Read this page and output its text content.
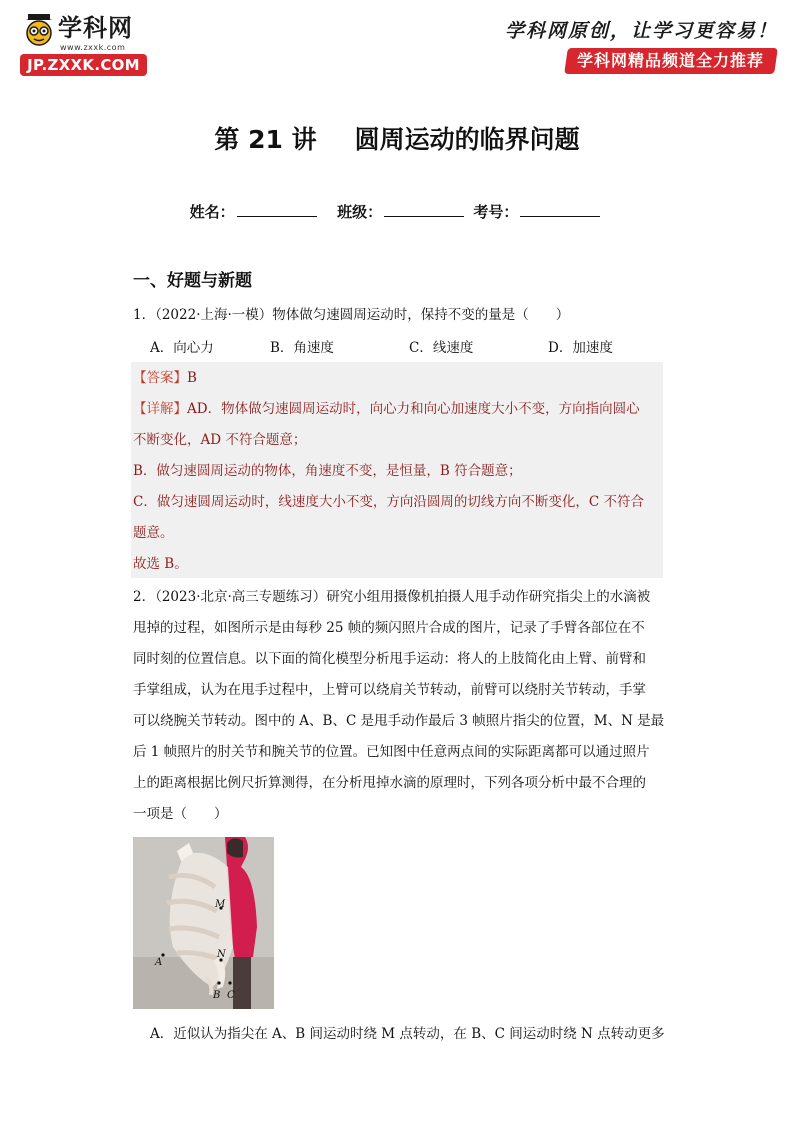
学科网
www.zxxk.com
JP.ZXXK.COM
学科网原创，让学习更容易！
学科网精品频道全力推荐
第 21 讲 圆周运动的临界问题
姓名：	班级：	考号：
一、好题与新题
1．（2022·上海·一模）物体做匀速圆周运动时，保持不变的量是（　　）
A．向心力	B．角速度	C．线速度	D．加速度
【答案】B
【详解】AD．物体做匀速圆周运动时，向心力和向心加速度大小不变，方向指向圆心
不断变化，AD 不符合题意；
B．做匀速圆周运动的物体，角速度不变，是恒量，B 符合题意；
C．做匀速圆周运动时，线速度大小不变，方向沿圆周的切线方向不断变化，C 不符合
题意。
故选 B。
2．（2023·北京·高三专题练习）研究小组用摄像机拍摄人甩手动作研究指尖上的水滴被
甩掉的过程，如图所示是由每秒 25 帧的频闪照片合成的图片，记录了手臂各部位在不
同时刻的位置信息。以下面的简化模型分析甩手运动：将人的上肢简化由上臂、前臂和
手掌组成，认为在甩手过程中，上臂可以绕肩关节转动，前臂可以绕肘关节转动，手掌
可以绕腕关节转动。图中的 A、B、C 是甩手动作最后 3 帧照片指尖的位置，M、N 是最
后 1 帧照片的肘关节和腕关节的位置。已知图中任意两点间的实际距离都可以通过照片
上的距离根据比例尺折算测得，在分析甩掉水滴的原理时，下列各项分析中最不合理的
一项是（　　）
M
N
A
B C
A．近似认为指尖在 A、B 间运动时绕 M 点转动，在 B、C 间运动时绕 N 点转动更多
